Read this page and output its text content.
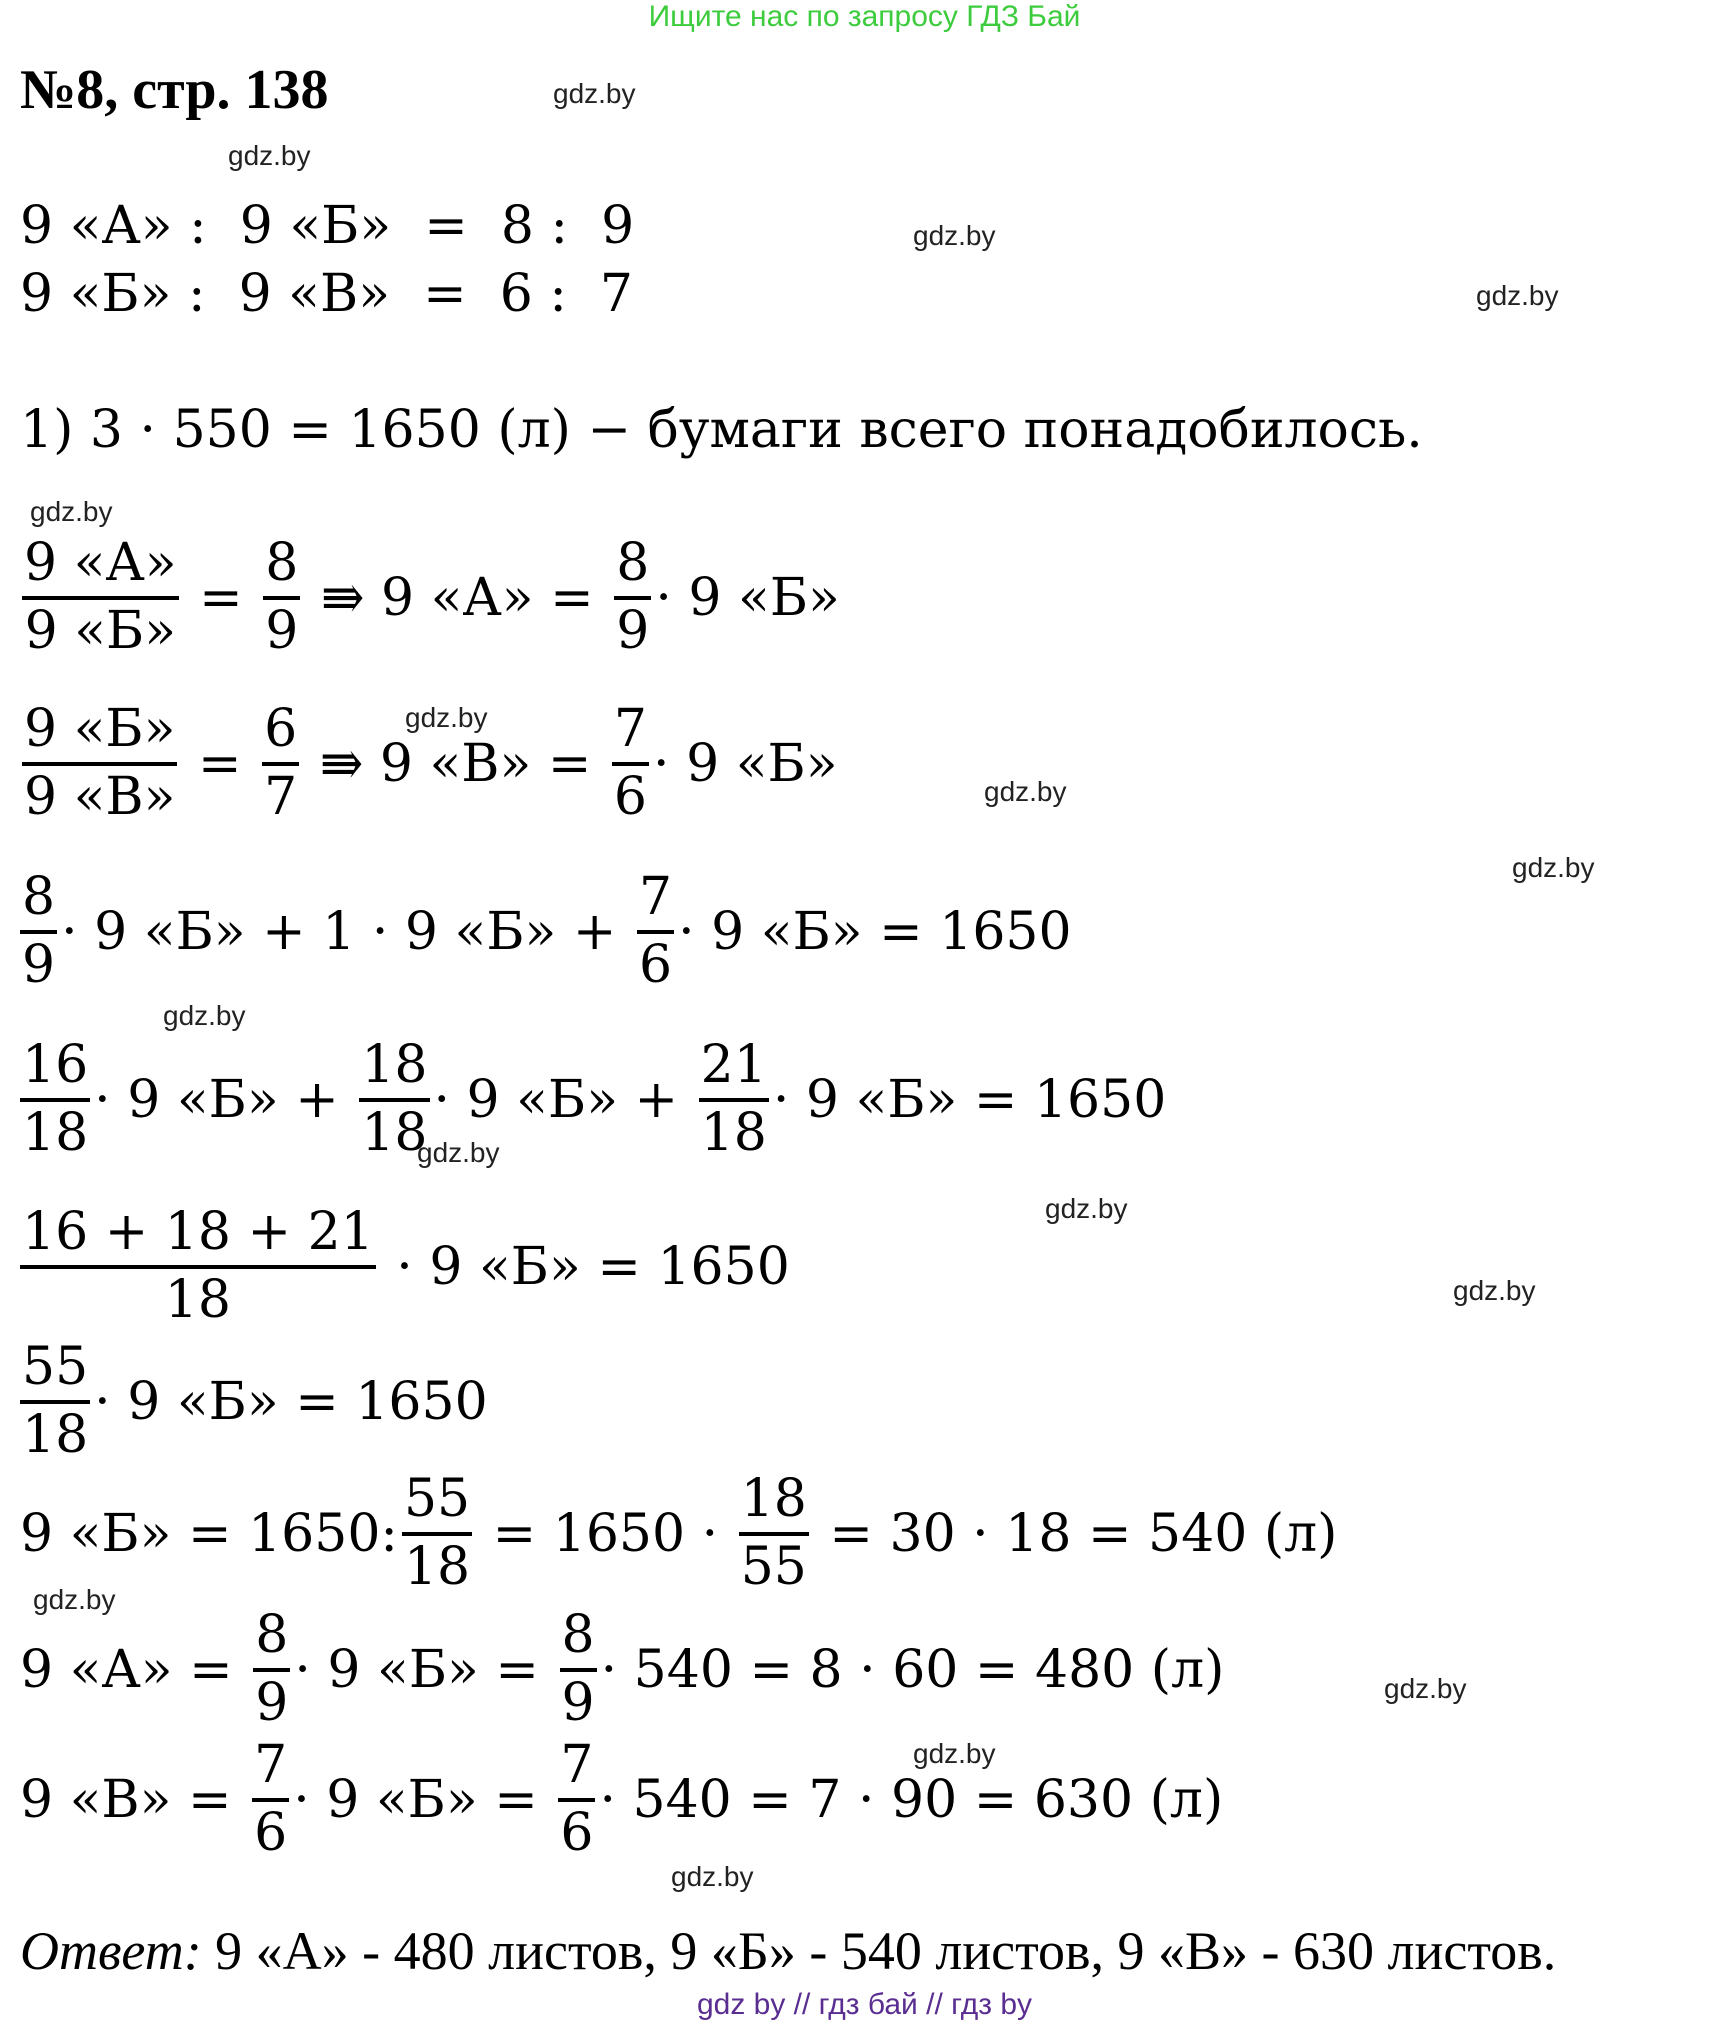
Ищите нас по запросу ГДЗ Бай
№8, стр. 138	gdz.by
gdz.by
gdz.by
gdz.by
gdz.by
gdz.by
gdz.by
gdz.by
gdz.by
gdz.by
gdz.by
gdz.by
gdz.by
gdz.by
gdz.by
gdz.by
9 «А» :  9 «Б»  =  8 :  9
9 «Б» :  9 «В»  =  6 :  7
1) 3 · 550 = 1650 (л) − бумаги всего понадобилось.
$\frac{9 «А»}{9 «Б»} = \frac{8}{9}$ ⇛ 9 «А» = $\frac{8}{9} \cdot 9$ «Б»
$\frac{9 «Б»}{9 «В»} = \frac{6}{7}$ ⇛ 9 «В» = $\frac{7}{6} \cdot 9$ «Б»
$\frac{8}{9} \cdot 9$ «Б» + 1 · 9 «Б» + $\frac{7}{6} \cdot 9$ «Б» = 1650
$\frac{16}{18} \cdot 9$ «Б» + $\frac{18}{18} \cdot 9$ «Б» + $\frac{21}{18} \cdot 9$ «Б» = 1650
$\frac{16 + 18 + 21}{18} \cdot 9$ «Б» = 1650
$\frac{55}{18} \cdot 9$ «Б» = 1650
9 «Б» = 1650: $\frac{55}{18} = 1650 \cdot \frac{18}{55} = 30 \cdot 18 = 540$ (л)
9 «А» = $\frac{8}{9} \cdot 9$ «Б» = $\frac{8}{9} \cdot 540 = 8 \cdot 60 = 480$ (л)
9 «В» = $\frac{7}{6} \cdot 9$ «Б» = $\frac{7}{6} \cdot 540 = 7 \cdot 90 = 630$ (л)
Ответ: 9 «А» - 480 листов, 9 «Б» - 540 листов, 9 «В» - 630 листов.
gdz by // гдз бай // гдз by
